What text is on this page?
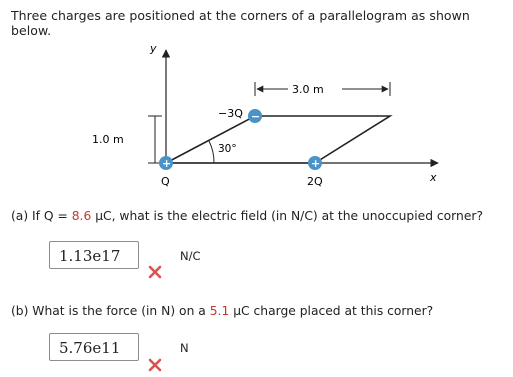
Three charges are positioned at the corners of a parallelogram as shown below.
y
x
30°
3.0 m
1.0 m
−
−3Q
+
Q
+
2Q
(a) If Q = 8.6 μC, what is the electric field (in N/C) at the unoccupied corner?
1.13e17	N/C
(b) What is the force (in N) on a 5.1 μC charge placed at this corner?
5.76e11	N
